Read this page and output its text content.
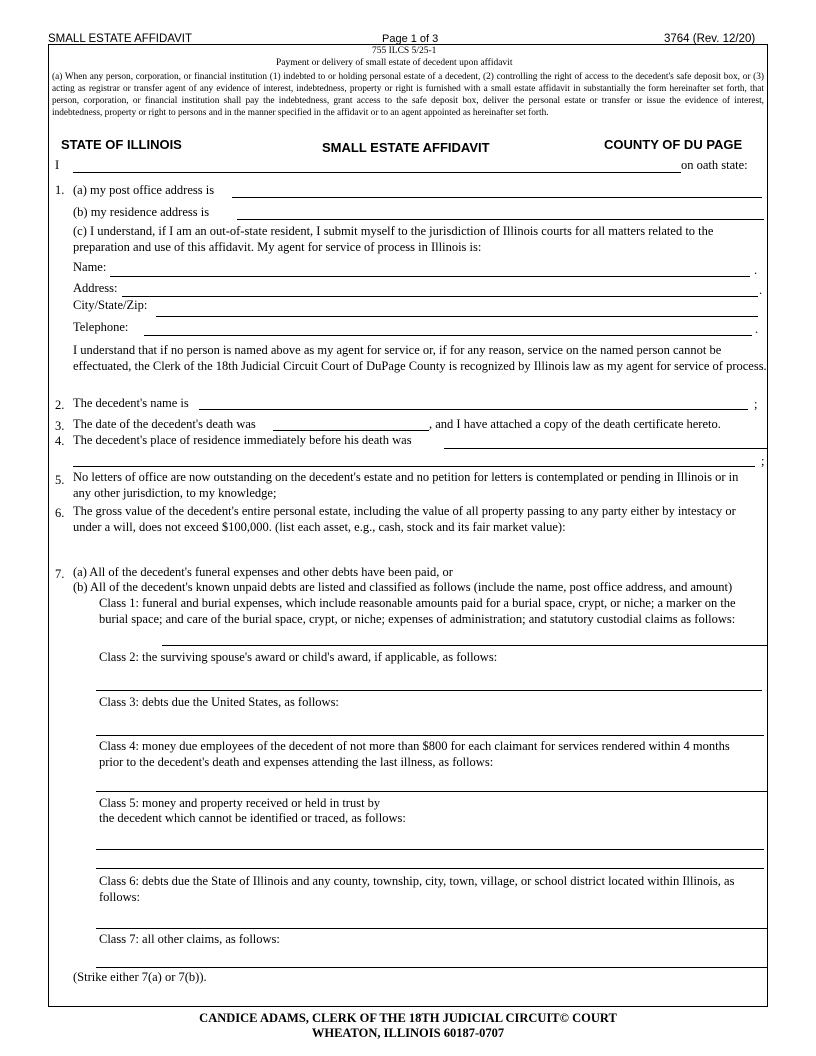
SMALL ESTATE AFFIDAVIT	Page 1 of 3	3764 (Rev. 12/20)
755 ILCS 5/25-1
Payment or delivery of small estate of decedent upon affidavit
(a) When any person, corporation, or financial institution (1) indebted to or holding personal estate of a decedent, (2) controlling the right of access to the decedent's safe deposit box, or (3) acting as registrar or transfer agent of any evidence of interest, indebtedness, property or right is furnished with a small estate affidavit in substantially the form hereinafter set forth, that person, corporation, or financial institution shall pay the indebtedness, grant access to the safe deposit box, deliver the personal estate or transfer or issue the evidence of interest, indebtedness, property or right to persons and in the manner specified in the affidavit or to an agent appointed as hereinafter set forth.
STATE OF ILLINOIS	SMALL ESTATE AFFIDAVIT	COUNTY OF DU PAGE
I	on oath state:
1. (a) my post office address is
(b) my residence address is
(c) I understand, if I am an out-of-state resident, I submit myself to the jurisdiction of Illinois courts for all matters related to the preparation and use of this affidavit. My agent for service of process in Illinois is:
Name:	.
Address:	.
City/State/Zip:
Telephone:	.
I understand that if no person is named above as my agent for service or, if for any reason, service on the named person cannot be effectuated, the Clerk of the 18th Judicial Circuit Court of DuPage County is recognized by Illinois law as my agent for service of process.
2. The decedent's name is	;
3. The date of the decedent's death was	, and I have attached a copy of the death certificate hereto.
4. The decedent's place of residence immediately before his death was
;
5. No letters of office are now outstanding on the decedent's estate and no petition for letters is contemplated or pending in Illinois or in any other jurisdiction, to my knowledge;
6. The gross value of the decedent's entire personal estate, including the value of all property passing to any party either by intestacy or under a will, does not exceed $100,000. (list each asset, e.g., cash, stock and its fair market value):
7. (a) All of the decedent's funeral expenses and other debts have been paid, or
(b) All of the decedent's known unpaid debts are listed and classified as follows (include the name, post office address, and amount)
Class 1: funeral and burial expenses, which include reasonable amounts paid for a burial space, crypt, or niche; a marker on the burial space; and care of the burial space, crypt, or niche; expenses of administration; and statutory custodial claims as follows:
Class 2: the surviving spouse's award or child's award, if applicable, as follows:
Class 3: debts due the United States, as follows:
Class 4: money due employees of the decedent of not more than $800 for each claimant for services rendered within 4 months prior to the decedent's death and expenses attending the last illness, as follows:
Class 5: money and property received or held in trust by
the decedent which cannot be identified or traced, as follows:
Class 6: debts due the State of Illinois and any county, township, city, town, village, or school district located within Illinois, as follows:
Class 7: all other claims, as follows:
(Strike either 7(a) or 7(b)).
CANDICE ADAMS, CLERK OF THE 18TH JUDICIAL CIRCUIT© COURT
WHEATON, ILLINOIS 60187-0707
